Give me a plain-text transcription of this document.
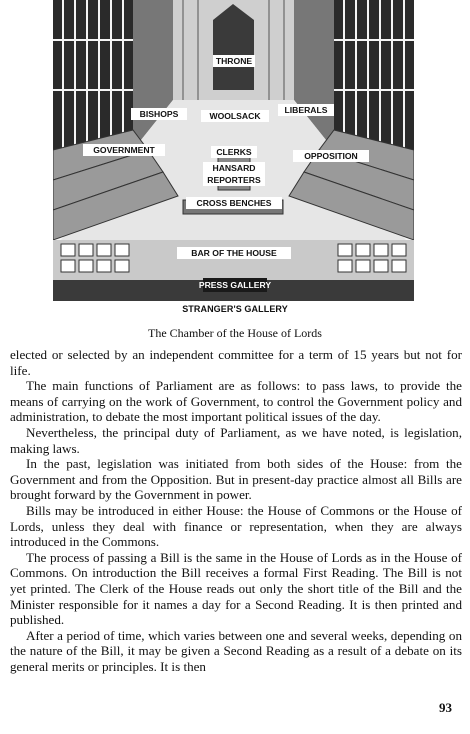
THRONE
BISHOPS	WOOLSACK
LIBERALS
GOVERNMENT	CLERKS	OPPOSITION
HANSARD
REPORTERS
CROSS BENCHES
BAR OF THE HOUSE
PRESS GALLERY
STRANGER'S GALLERY
The Chamber of the House of Lords

elected or selected by an independent committee for a term of 15 years but not for life.

The main functions of Parliament are as follows: to pass laws, to provide the means of carrying on the work of Government, to control the Government policy and administration, to debate the most important political issues of the day.

Nevertheless, the principal duty of Parliament, as we have noted, is legislation, making laws.

In the past, legislation was initiated from both sides of the House: from the Government and from the Opposition. But in present-day practice almost all Bills are brought forward by the Government in power.

Bills may be introduced in either House: the House of Commons or the House of Lords, unless they deal with finance or representation, when they are always introduced in the Commons.

The process of passing a Bill is the same in the House of Lords as in the House of Commons. On introduction the Bill receives a formal First Reading. The Bill is not yet printed. The Clerk of the House reads out only the short title of the Bill and the Minister responsible for it names a day for a Second Reading. It is then printed and published.

After a period of time, which varies between one and several weeks, depending on the nature of the Bill, it may be given a Second Reading as a result of a debate on its general merits or principles. It is then

93
